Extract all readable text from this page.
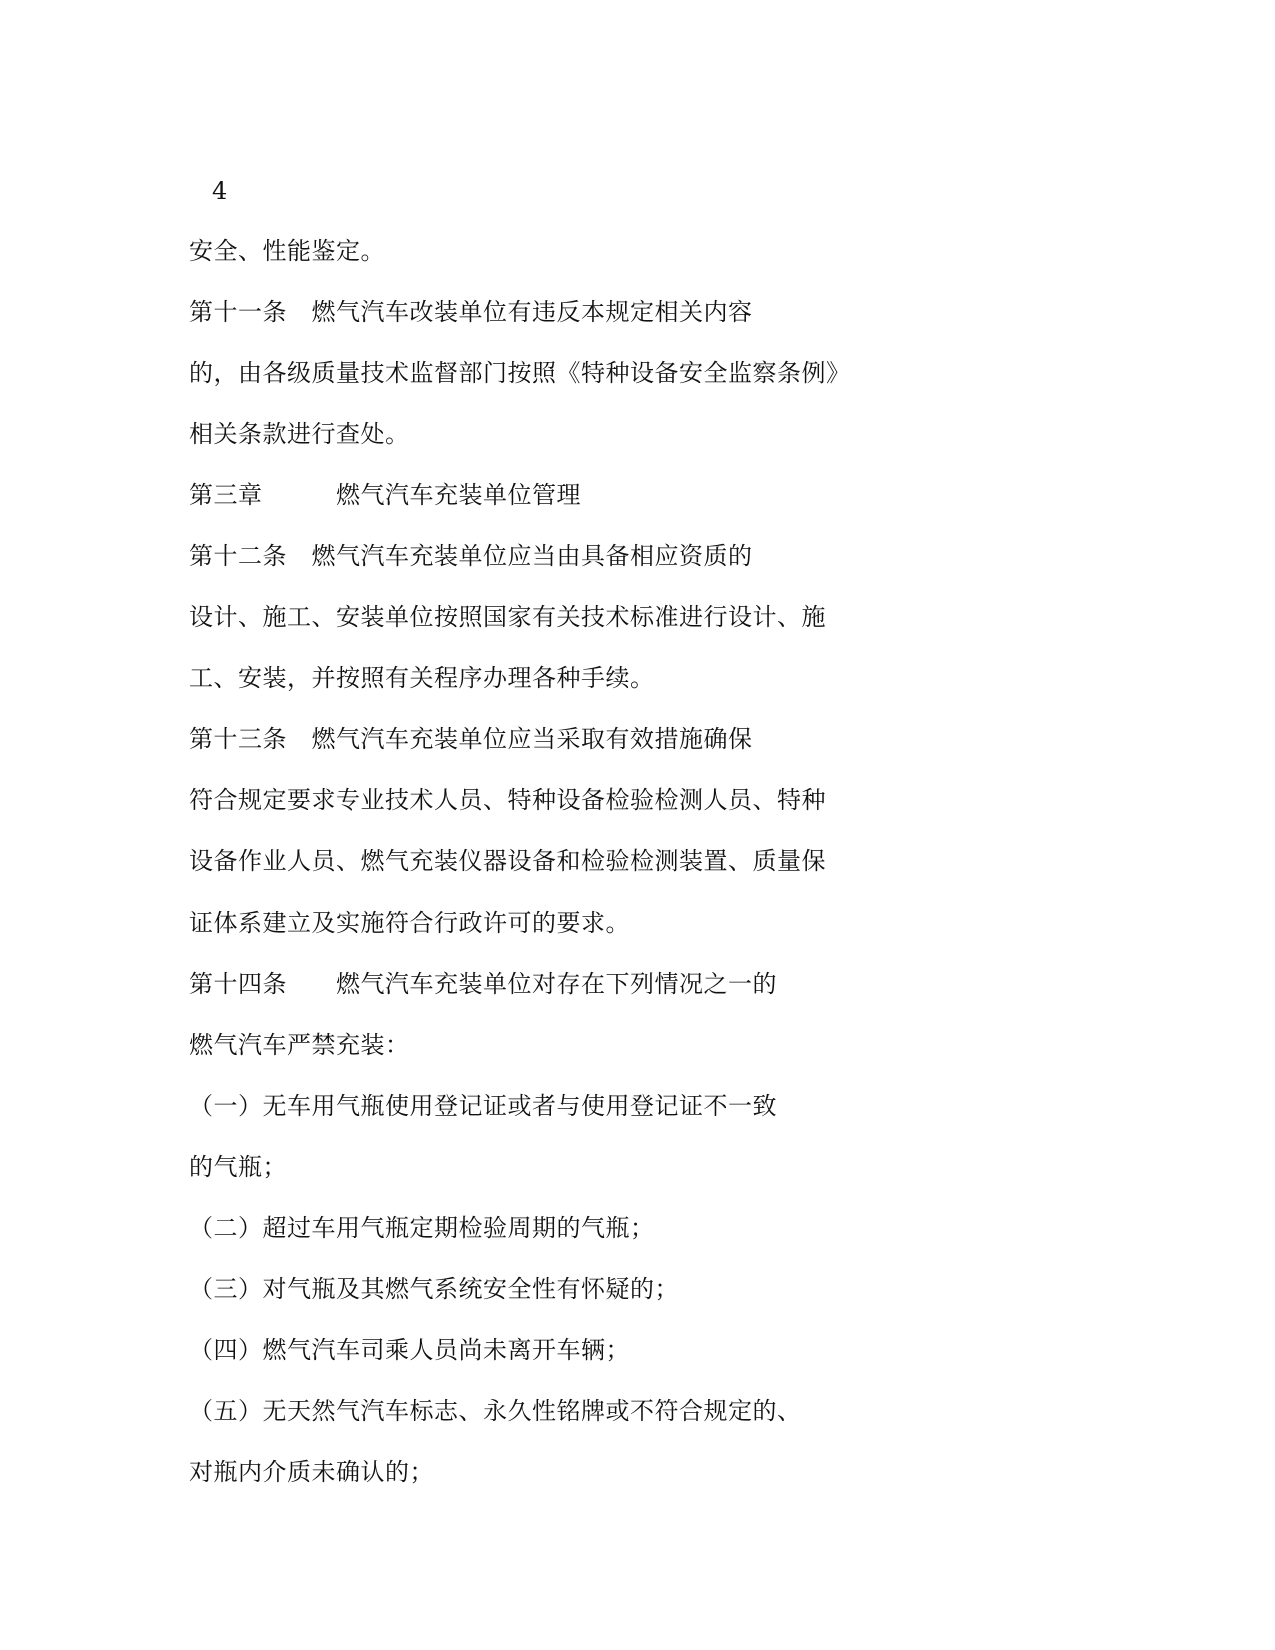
4
安全、性能鉴定。
第十一条　燃气汽车改装单位有违反本规定相关内容
的，由各级质量技术监督部门按照《特种设备安全监察条例》
相关条款进行查处。
第三章　　　燃气汽车充装单位管理
第十二条　燃气汽车充装单位应当由具备相应资质的
设计、施工、安装单位按照国家有关技术标准进行设计、施
工、安装，并按照有关程序办理各种手续。
第十三条　燃气汽车充装单位应当采取有效措施确保
符合规定要求专业技术人员、特种设备检验检测人员、特种
设备作业人员、燃气充装仪器设备和检验检测装置、质量保
证体系建立及实施符合行政许可的要求。
第十四条　　燃气汽车充装单位对存在下列情况之一的
燃气汽车严禁充装：
（一）无车用气瓶使用登记证或者与使用登记证不一致
的气瓶；
（二）超过车用气瓶定期检验周期的气瓶；
（三）对气瓶及其燃气系统安全性有怀疑的；
（四）燃气汽车司乘人员尚未离开车辆；
（五）无天然气汽车标志、永久性铭牌或不符合规定的、
对瓶内介质未确认的；
